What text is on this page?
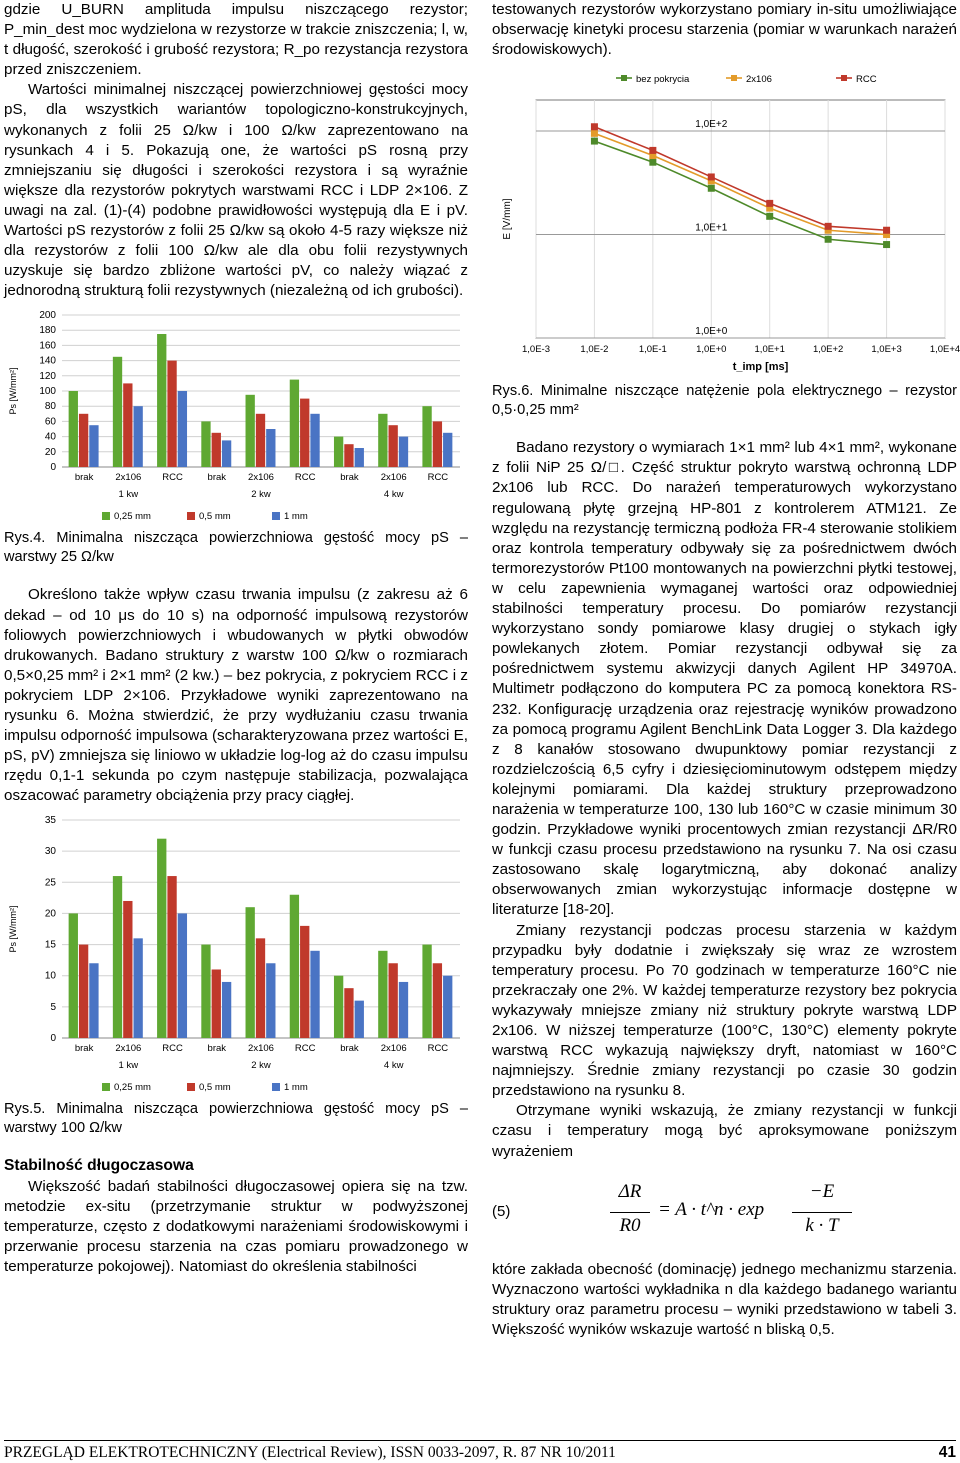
gdzie U_BURN amplituda impulsu niszczącego rezystor; P_min_dest moc wydzielona w rezystorze w trakcie zniszczenia; l, w, t długość, szerokość i grubość rezystora; R_po rezystancja rezystora przed zniszczeniem.

Wartości minimalnej niszczącej powierzchniowej gęstości mocy pS, dla wszystkich wariantów topologiczno-konstrukcyjnych, wykonanych z folii 25 Ω/kw i 100 Ω/kw zaprezentowano na rysunkach 4 i 5. Pokazują one, że wartości pS rosną przy zmniejszaniu się długości i szerokości rezystora i są wyraźnie większe dla rezystorów pokrytych warstwami RCC i LDP 2×106. Z uwagi na zal. (1)-(4) podobne prawidłowości występują dla E i pV. Wartości pS rezystorów z folii 25 Ω/kw są około 4-5 razy większe niż dla rezystorów z folii 100 Ω/kw ale dla obu folii rezystywnych uzyskuje się bardzo zbliżone wartości pV, co należy wiązać z jednorodną strukturą folii rezystywnych (niezależną od ich grubości).

Ps [W/mm²]
0
20
40
60
80
100
120
140
160
180
200
brak 2x106 RCC	brak 2x106 RCC	brak 2x106 RCC
1 kw	2 kw	4 kw
0,25 mm	0,5 mm	1 mm

Rys.4. Minimalna niszcząca powierzchniowa gęstość mocy pS – warstwy 25 Ω/kw

Określono także wpływ czasu trwania impulsu (z zakresu aż 6 dekad – od 10 μs do 10 s) na odporność impulsową rezystorów foliowych powierzchniowych i wbudowanych w płytki obwodów drukowanych. Badano struktury z warstw 100 Ω/kw o rozmiarach 0,5×0,25 mm² i 2×1 mm² (2 kw.) – bez pokrycia, z pokryciem RCC i z pokryciem LDP 2×106. Przykładowe wyniki zaprezentowano na rysunku 6. Można stwierdzić, że przy wydłużaniu czasu trwania impulsu odporność impulsowa (scharakteryzowana przez wartości E, pS, pV) zmniejsza się liniowo w układzie log-log aż do czasu impulsu rzędu 0,1-1 sekunda po czym następuje stabilizacja, pozwalająca oszacować parametry obciążenia przy pracy ciągłej.

Ps [W/mm²]
0
5
10
15
20
25
30
35
brak 2x106 RCC	brak 2x106 RCC	brak 2x106 RCC
1 kw	2 kw	4 kw
0,25 mm	0,5 mm	1 mm

Rys.5. Minimalna niszcząca powierzchniowa gęstość mocy pS – warstwy 100 Ω/kw

Stabilność długoczasowa

Większość badań stabilności długoczasowej opiera się na tzw. metodzie ex-situ (przetrzymanie struktur w podwyższonej temperaturze, często z dodatkowymi narażeniami środowiskowymi i przerwanie procesu starzenia na czas pomiaru prowadzonego w temperaturze pokojowej). Natomiast do określenia stabilności

testowanych rezystorów wykorzystano pomiary in-situ umożliwiające obserwację kinetyki procesu starzenia (pomiar w warunkach narażeń środowiskowych).

1,0E-3	1,0E-2	1,0E-1	1,0E+0	1,0E+1	1,0E+2	1,0E+3	1,0E+4
1,0E+0
1,0E+1
1,0E+2
E [V/mm]
t_imp [ms]
bez pokrycia	2x106	RCC

Rys.6. Minimalne niszczące natężenie pola elektrycznego – rezystor 0,5·0,25 mm²

Badano rezystory o wymiarach 1×1 mm² lub 4×1 mm², wykonane z folii NiP 25 Ω/□. Część struktur pokryto warstwą ochronną LDP 2x106 lub RCC. Do narażeń temperaturowych wykorzystano regulowaną płytę grzejną HP-801 z kontrolerem ATM121. Ze względu na rezystancję termiczną podłoża FR-4 sterowanie stolikiem oraz kontrola temperatury odbywały się za pośrednictwem dwóch termorezystorów Pt100 montowanych na powierzchni płytki testowej, w celu zapewnienia wymaganej wartości oraz odpowiedniej stabilności temperatury procesu. Do pomiarów rezystancji wykorzystano sondy pomiarowe klasy drugiej o stykach igły powlekanych złotem. Pomiar rezystancji odbywał się za pośrednictwem systemu akwizycji danych Agilent HP 34970A. Multimetr podłączono do komputera PC za pomocą konektora RS-232. Konfigurację urządzenia oraz rejestrację wyników prowadzono za pomocą programu Agilent BenchLink Data Logger 3. Dla każdego z 8 kanałów stosowano dwupunktowy pomiar rezystancji z rozdzielczością 6,5 cyfry i dziesięciominutowym odstępem między kolejnymi pomiarami. Dla każdej struktury przeprowadzono narażenia w temperaturze 100, 130 lub 160°C w czasie minimum 30 godzin. Przykładowe wyniki procentowych zmian rezystancji ΔR/R0 w funkcji czasu procesu przedstawiono na rysunku 7. Na osi czasu zastosowano skalę logarytmiczną, aby dokonać analizy obserwowanych zmian wykorzystując informacje dostępne w literaturze [18-20].

Zmiany rezystancji podczas procesu starzenia w każdym przypadku były dodatnie i zwiększały się wraz ze wzrostem temperatury procesu. Po 70 godzinach w temperaturze 160°C nie przekraczały one 2%. W każdej temperaturze rezystory bez pokrycia wykazywały mniejsze zmiany niż struktury pokryte warstwą LDP 2x106. W niższej temperaturze (100°C, 130°C) elementy pokryte warstwą RCC wykazują największy dryft, natomiast w 160°C najmniejszy. Średnie zmiany rezystancji po czasie 30 godzin przedstawiono na rysunku 8.

Otrzymane wyniki wskazują, że zmiany rezystancji w funkcji czasu i temperatury mogą być aproksymowane poniższym wyrażeniem

(5)
ΔR
R0
= A · t^n · exp
−E
k · T

które zakłada obecność (dominację) jednego mechanizmu starzenia. Wyznaczono wartości wykładnika n dla każdego badanego wariantu struktury oraz parametru procesu – wyniki przedstawiono w tabeli 3. Większość wyników wskazuje wartość n bliską 0,5.

PRZEGLĄD ELEKTROTECHNICZNY (Electrical Review), ISSN 0033-2097, R. 87 NR 10/2011	41
